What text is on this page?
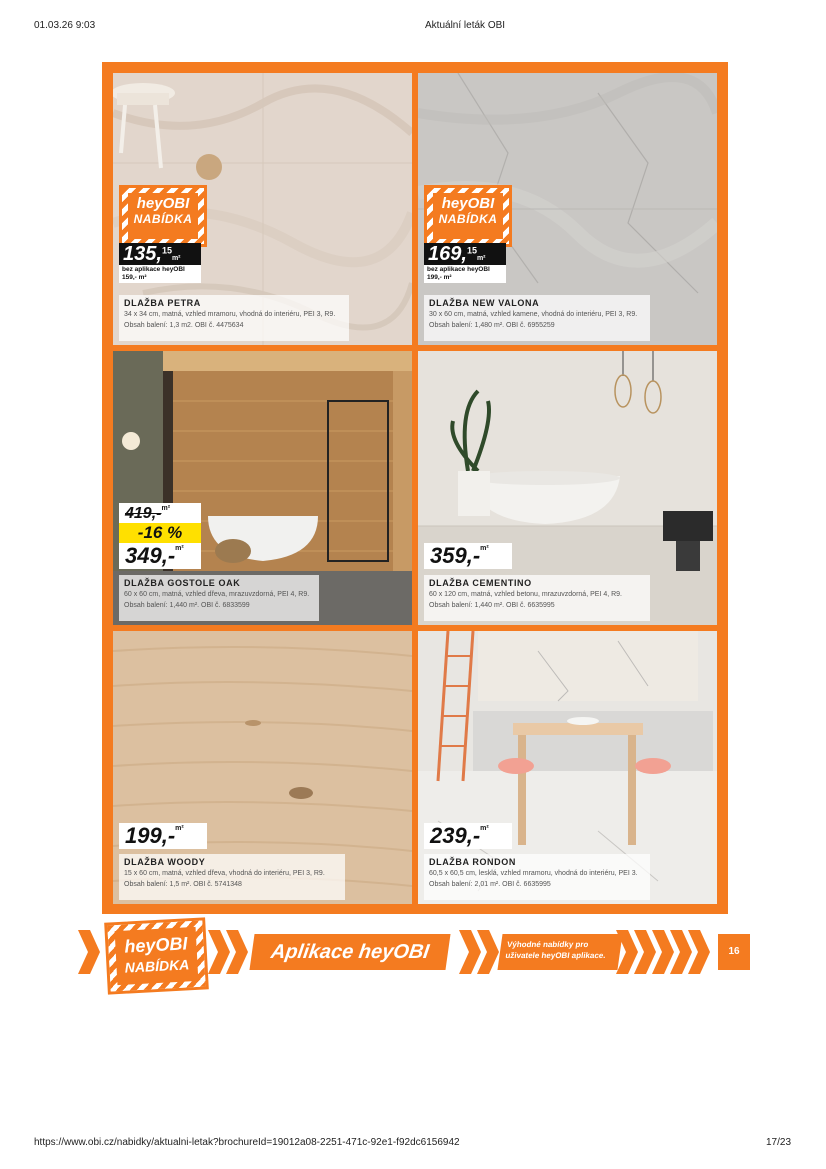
01.03.26 9:03	Aktuální leták OBI
heyOBI
NABÍDKA
135,15m²
bez aplikace heyOBI
159,- m²
DLAŽBA PETRA
34 x 34 cm, matná, vzhled mramoru, vhodná do interiéru, PEI 3, R9.
Obsah balení: 1,3 m2. OBI č. 4475634
heyOBI
NABÍDKA
169,15m²
bez aplikace heyOBI
199,- m²
DLAŽBA NEW VALONA
30 x 60 cm, matná, vzhled kamene, vhodná do interiéru, PEI 3, R9.
Obsah balení: 1,480 m². OBI č. 6955259
419,-$^{m^2}$
-16 %
349,-$^{m^2}$
DLAŽBA GOSTOLE OAK
60 x 60 cm, matná, vzhled dřeva, mrazuvzdorná, PEI 4, R9.
Obsah balení: 1,440 m². OBI č. 6833599
359,-$^{m^2}$
DLAŽBA CEMENTINO
60 x 120 cm, matná, vzhled betonu, mrazuvzdorná, PEI 4, R9.
Obsah balení: 1,440 m². OBI č. 6635995
199,-$^{m^2}$
DLAŽBA WOODY
15 x 60 cm, matná, vzhled dřeva, vhodná do interiéru, PEI 3, R9.
Obsah balení: 1,5 m². OBI č. 5741348
239,-$^{m^2}$
DLAŽBA RONDON
60,5 x 60,5 cm, lesklá, vzhled mramoru, vhodná do interiéru, PEI 3.
Obsah balení: 2,01 m². OBI č. 6635995
heyOBI
NABÍDKA
Aplikace heyOBI	Výhodné nabídky pro
uživatele heyOBI aplikace.	16
https://www.obi.cz/nabidky/aktualni-letak?brochureId=19012a08-2251-471c-92e1-f92dc6156942	17/23
